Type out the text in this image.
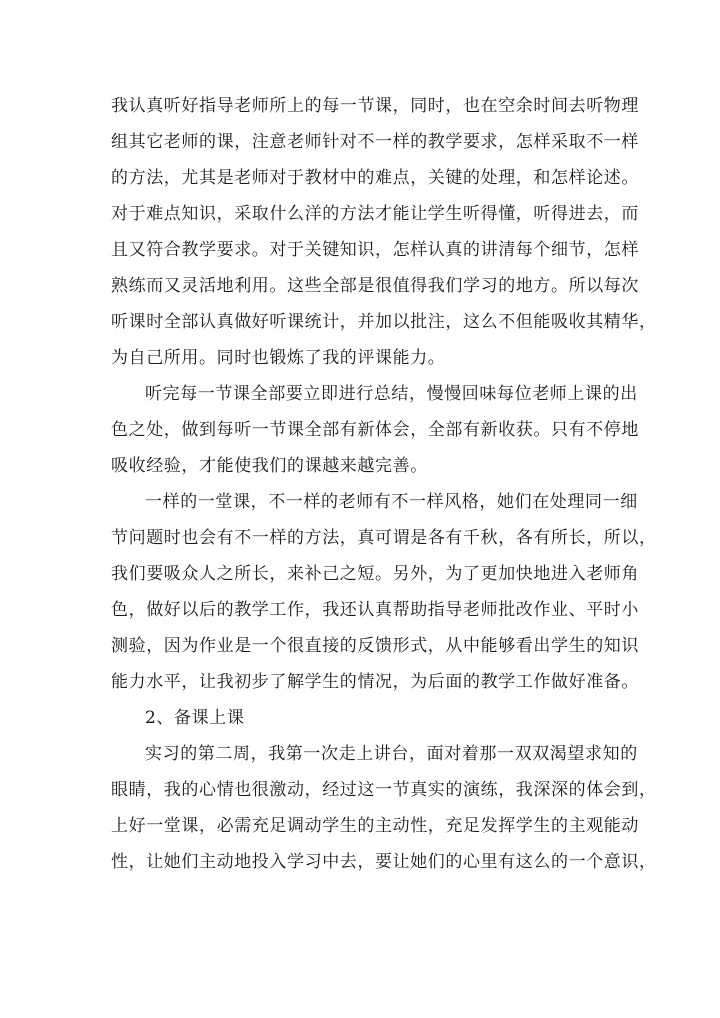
我认真听好指导老师所上的每一节课，同时，也在空余时间去听物理
组其它老师的课，注意老师针对不一样的教学要求，怎样采取不一样
的方法，尤其是老师对于教材中的难点，关键的处理，和怎样论述。
对于难点知识，采取什么洋的方法才能让学生听得懂，听得进去，而
且又符合教学要求。对于关键知识，怎样认真的讲清每个细节，怎样
熟练而又灵活地利用。这些全部是很值得我们学习的地方。所以每次
听课时全部认真做好听课统计，并加以批注，这么不但能吸收其精华，
为自己所用。同时也锻炼了我的评课能力。
听完每一节课全部要立即进行总结，慢慢回味每位老师上课的出
色之处，做到每听一节课全部有新体会，全部有新收获。只有不停地
吸收经验，才能使我们的课越来越完善。
一样的一堂课，不一样的老师有不一样风格，她们在处理同一细
节问题时也会有不一样的方法，真可谓是各有千秋，各有所长，所以，
我们要吸众人之所长，来补己之短。另外，为了更加快地进入老师角
色，做好以后的教学工作，我还认真帮助指导老师批改作业、平时小
测验，因为作业是一个很直接的反馈形式，从中能够看出学生的知识
能力水平，让我初步了解学生的情况，为后面的教学工作做好准备。
2、备课上课
实习的第二周，我第一次走上讲台，面对着那一双双渴望求知的
眼睛，我的心情也很激动，经过这一节真实的演练，我深深的体会到，
上好一堂课，必需充足调动学生的主动性，充足发挥学生的主观能动
性，让她们主动地投入学习中去，要让她们的心里有这么的一个意识，
